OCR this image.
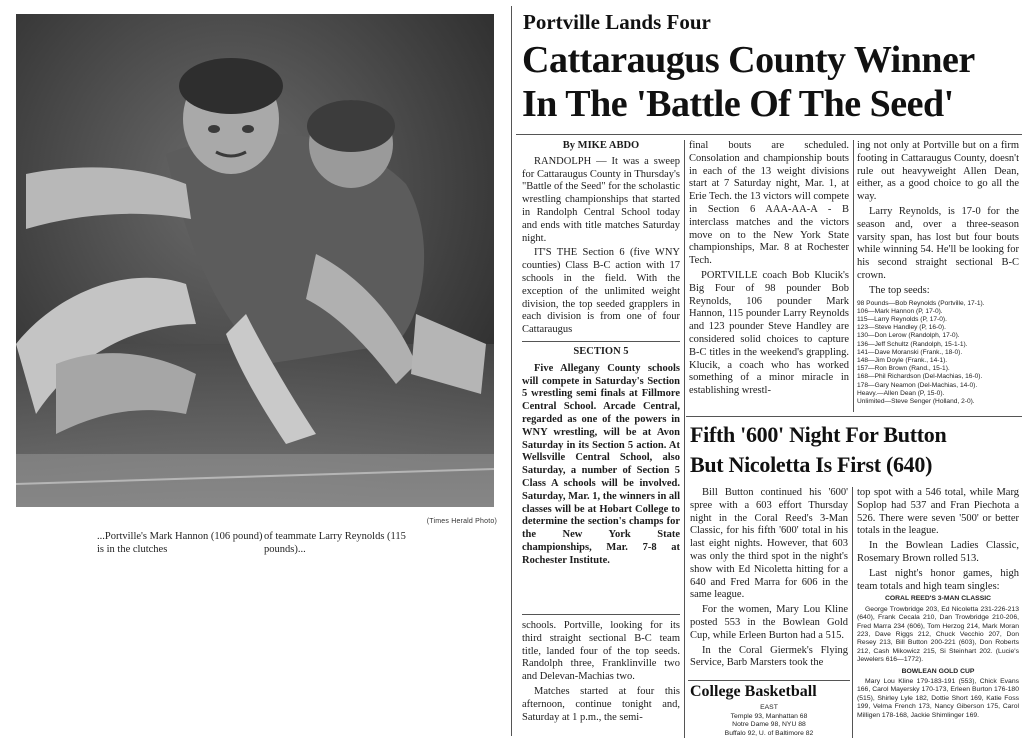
(Times Herald Photo)
...Portville's Mark Hannon (106 pound) is in the clutches
of teammate Larry Reynolds (115 pounds)...
Portville Lands Four
Cattaraugus County Winner
In The 'Battle Of The Seed'

By MIKE ABDO

RANDOLPH — It was a sweep for Cattaraugus County in Thursday's "Battle of the Seed" for the scholastic wrestling championships that started in Randolph Central School today and ends with title matches Saturday night.

IT'S THE Section 6 (five WNY counties) Class B-C action with 17 schools in the field. With the exception of the unlimited weight division, the top seeded grapplers in each division is from one of four Cattaraugus

SECTION 5

Five Allegany County schools will compete in Saturday's Section 5 wrestling semi finals at Fillmore Central School. Arcade Central, regarded as one of the powers in WNY wrestling, will be at Avon Saturday in its Section 5 action. At Wellsville Central School, also Saturday, a number of Section 5 Class A schools will be involved. Saturday, Mar. 1, the winners in all classes will be at Hobart College to determine the section's champs for the New York State championships, Mar. 7-8 at Rochester Institute.

schools. Portville, looking for its third straight sectional B-C team title, landed four of the top seeds. Randolph three, Franklinville two and Delevan-Machias two.

Matches started at four this afternoon, continue tonight and, Saturday at 1 p.m., the semi-

final bouts are scheduled. Consolation and championship bouts in each of the 13 weight divisions start at 7 Saturday night, Mar. 1, at Erie Tech. the 13 victors will compete in Section 6 AAA-AA-A - B interclass matches and the victors move on to the New York State championships, Mar. 8 at Rochester Tech.

PORTVILLE coach Bob Klucik's Big Four of 98 pounder Bob Reynolds, 106 pounder Mark Hannon, 115 pounder Larry Reynolds and 123 pounder Steve Handley are considered solid choices to capture B-C titles in the weekend's grappling. Klucik, a coach who has worked something of a minor miracle in establishing wrestl-

ing not only at Portville but on a firm footing in Cattaraugus County, doesn't rule out heavyweight Allen Dean, either, as a good choice to go all the way.

Larry Reynolds, is 17-0 for the season and, over a three-season varsity span, has lost but four bouts while winning 54. He'll be looking for his second straight sectional B-C crown.

The top seeds:

98 Pounds—Bob Reynolds (Portville, 17-1).
106—Mark Hannon (P, 17-0).
115—Larry Reynolds (P, 17-0).
123—Steve Handley (P, 16-0).
130—Don Lerow (Randolph, 17-0).
136—Jeff Schultz (Randolph, 15-1-1).
141—Dave Moranski (Frank., 18-0).
148—Jim Doyle (Frank., 14-1).
157—Ron Brown (Rand., 15-1).
168—Phil Richardson (Del-Machias, 16-0).
178—Gary Neamon (Del-Machias, 14-0).
Heavy.—Allen Dean (P, 15-0).
Unlimited—Steve Senger (Holland, 2-0).
Fifth '600' Night For Button
But Nicoletta Is First (640)

Bill Button continued his '600' spree with a 603 effort Thursday night in the Coral Reed's 3-Man Classic, for his fifth '600' total in his last eight nights. However, that 603 was only the third spot in the night's show with Ed Nicoletta hitting for a 640 and Fred Marra for 606 in the same league.

For the women, Mary Lou Kline posted 553 in the Bowlean Gold Cup, while Erleen Burton had a 515.

In the Coral Giermek's Flying Service, Barb Marsters took the

top spot with a 546 total, while Marg Soplop had 537 and Fran Piechota a 526. There were seven '500' or better totals in the league.

In the Bowlean Ladies Classic, Rosemary Brown rolled 513.

Last night's honor games, high team totals and high team singles:

CORAL REED'S 3-MAN CLASSIC
George Trowbridge 203, Ed Nicoletta 231-226-213 (640), Frank Cecala 210, Dan Trowbridge 210-206, Fred Marra 234 (606), Tom Herzog 214, Mark Moran 223, Dave Riggs 212, Chuck Vecchio 207, Don Resey 213, Bill Button 200-221 (603), Don Roberts 212, Cash Mikowicz 215, Si Steinhart 202. (Lucie's Jewelers 616—1772).
BOWLEAN GOLD CUP
Mary Lou Kline 179-183-191 (553), Chick Evans 166, Carol Mayersky 170-173, Erleen Burton 176-180 (515), Shirley Lyle 182, Dottie Short 169, Katie Foss 199, Velma French 173, Nancy Giberson 175, Carol Milligen 178-168, Jackie Shimlinger 169.
College Basketball
EAST
Temple 93, Manhattan 68
Notre Dame 98, NYU 88
Buffalo 92, U. of Baltimore 82
